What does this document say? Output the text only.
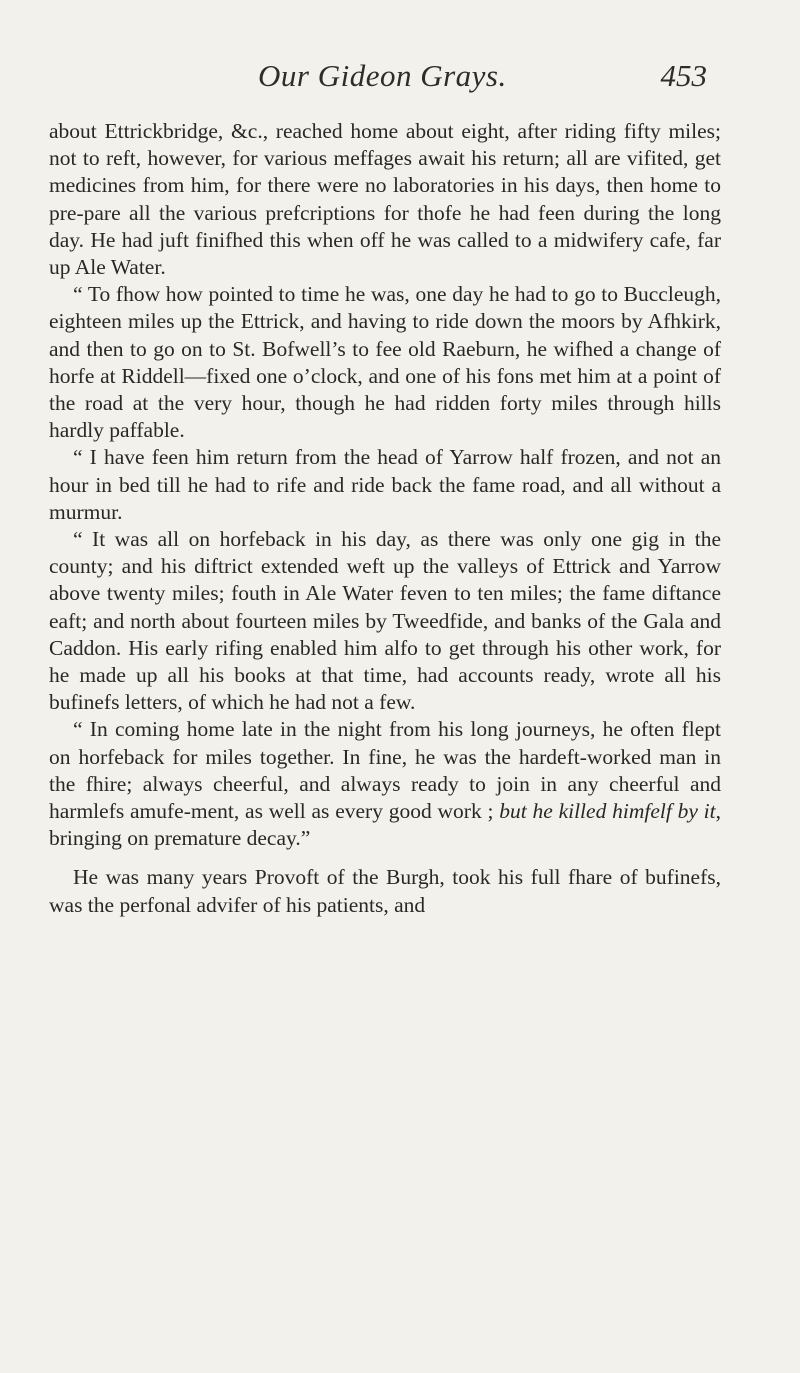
Our Gideon Grays.	453

about Ettrickbridge, &c., reached home about eight, after riding fifty miles; not to reft, however, for various meffages await his return; all are vifited, get medicines from him, for there were no laboratories in his days, then home to pre-pare all the various prefcriptions for thofe he had feen during the long day. He had juft finifhed this when off he was called to a midwifery cafe, far up Ale Water.

“ To fhow how pointed to time he was, one day he had to go to Buccleugh, eighteen miles up the Ettrick, and having to ride down the moors by Afhkirk, and then to go on to St. Bofwell’s to fee old Raeburn, he wifhed a change of horfe at Riddell—fixed one o’clock, and one of his fons met him at a point of the road at the very hour, though he had ridden forty miles through hills hardly paffable.

“ I have feen him return from the head of Yarrow half frozen, and not an hour in bed till he had to rife and ride back the fame road, and all without a murmur.

“ It was all on horfeback in his day, as there was only one gig in the county; and his diftrict extended weft up the valleys of Ettrick and Yarrow above twenty miles; fouth in Ale Water feven to ten miles; the fame diftance eaft; and north about fourteen miles by Tweedfide, and banks of the Gala and Caddon. His early rifing enabled him alfo to get through his other work, for he made up all his books at that time, had accounts ready, wrote all his bufinefs letters, of which he had not a few.

“ In coming home late in the night from his long journeys, he often flept on horfeback for miles together. In fine, he was the hardeft-worked man in the fhire; always cheerful, and always ready to join in any cheerful and harmlefs amufe-ment, as well as every good work ; but he killed himfelf by it, bringing on premature decay.”

He was many years Provoft of the Burgh, took his full fhare of bufinefs, was the perfonal advifer of his patients, and
